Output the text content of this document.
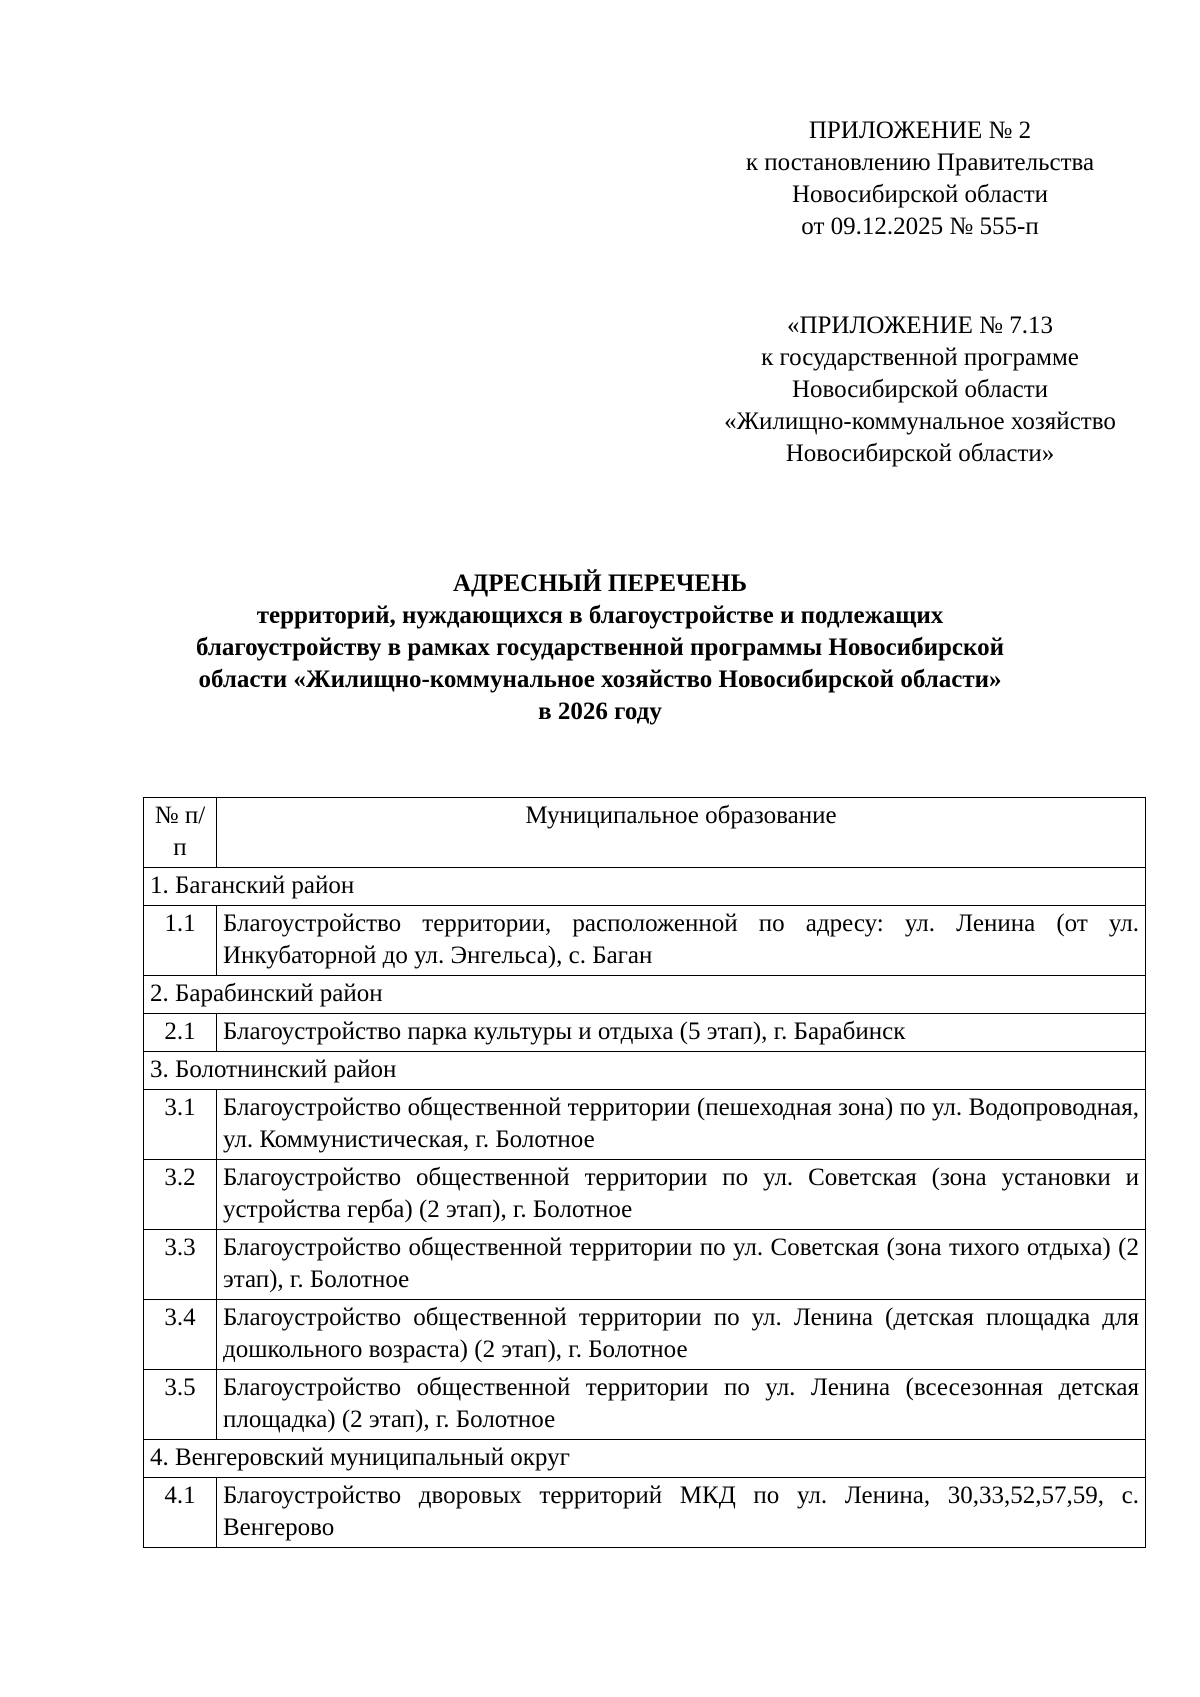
ПРИЛОЖЕНИЕ № 2
к постановлению Правительства
Новосибирской области
от 09.12.2025 № 555-п
«ПРИЛОЖЕНИЕ № 7.13
к государственной программе
Новосибирской области
«Жилищно-коммунальное хозяйство
Новосибирской области»
АДРЕСНЫЙ ПЕРЕЧЕНЬ
территорий, нуждающихся в благоустройстве и подлежащих
благоустройству в рамках государственной программы Новосибирской
области «Жилищно-коммунальное хозяйство Новосибирской области»
в 2026 году
№ п/п	Муниципальное образование
1. Баганский район	
1.1	Благоустройство территории, расположенной по адресу: ул. Ленина (от ул. Инкубаторной до ул. Энгельса), с. Баган
2. Барабинский район	
2.1	Благоустройство парка культуры и отдыха (5 этап), г. Барабинск
3. Болотнинский район	
3.1	Благоустройство общественной территории (пешеходная зона) по ул. Водопроводная, ул. Коммунистическая, г. Болотное
3.2	Благоустройство общественной территории по ул. Советская (зона установки и устройства герба) (2 этап), г. Болотное
3.3	Благоустройство общественной территории по ул. Советская (зона тихого отдыха) (2 этап), г. Болотное
3.4	Благоустройство общественной территории по ул. Ленина (детская площадка для дошкольного возраста) (2 этап), г. Болотное
3.5	Благоустройство общественной территории по ул. Ленина (всесезонная детская площадка) (2 этап), г. Болотное
4. Венгеровский муниципальный округ	
4.1	Благоустройство дворовых территорий МКД по ул. Ленина, 30,33,52,57,59, с. Венгерово
